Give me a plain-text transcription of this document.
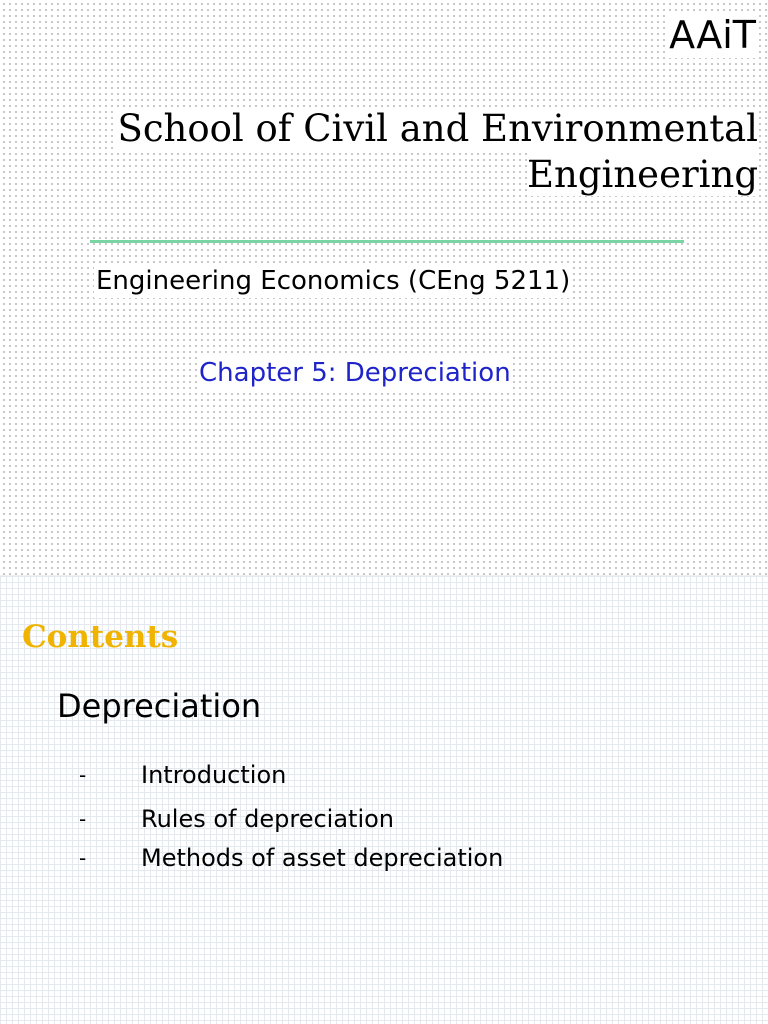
AAiT
School of Civil and Environmental
Engineering
Engineering Economics (CEng 5211)
Chapter 5: Depreciation
Contents
Depreciation
- Introduction
- Rules of depreciation
- Methods of asset depreciation
